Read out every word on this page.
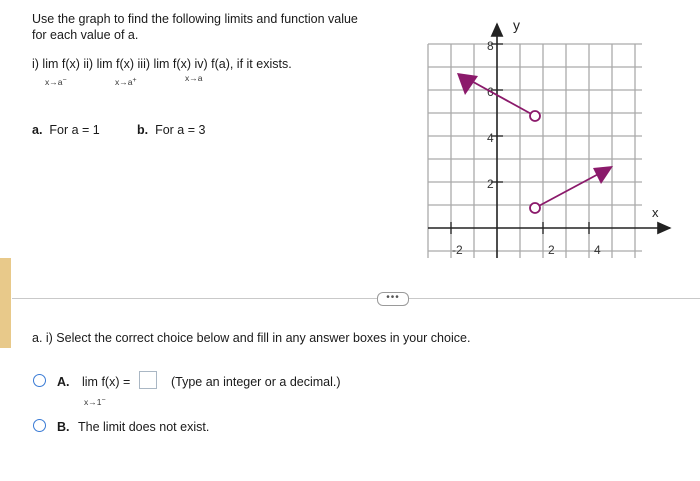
Use the graph to find the following limits and function value
for each value of a.
i) lim f(x) ii) lim f(x) iii) lim f(x) iv) f(a), if it exists.
x→a−	x→a+	x→a
a. For a = 1	b. For a = 3
y
x
8
6
4
2
-2	2	4
•••
a. i) Select the correct choice below and fill in any answer boxes in your choice.
A. lim f(x) =	(Type an integer or a decimal.)
x→1−
B. The limit does not exist.
